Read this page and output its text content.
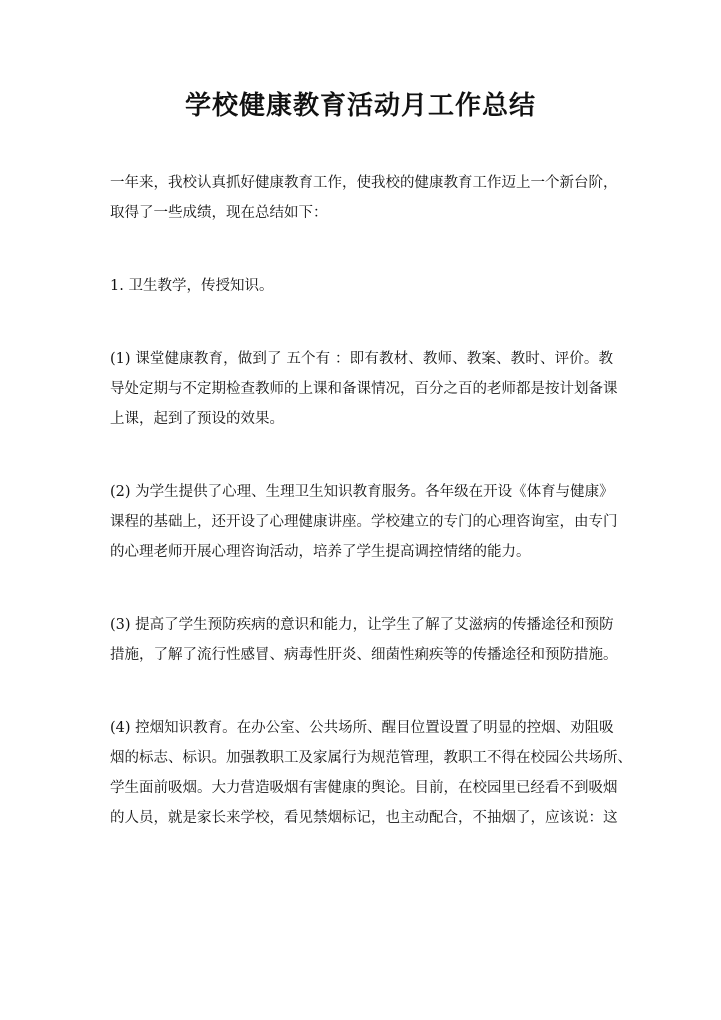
学校健康教育活动月工作总结

一年来，我校认真抓好健康教育工作，使我校的健康教育工作迈上一个新台阶，
取得了一些成绩，现在总结如下：

1. 卫生教学，传授知识。

(1) 课堂健康教育，做到了 五个有 ：即有教材、教师、教案、教时、评价。教
导处定期与不定期检查教师的上课和备课情况，百分之百的老师都是按计划备课
上课，起到了预设的效果。

(2) 为学生提供了心理、生理卫生知识教育服务。各年级在开设《体育与健康》
课程的基础上，还开设了心理健康讲座。学校建立的专门的心理咨询室，由专门
的心理老师开展心理咨询活动，培养了学生提高调控情绪的能力。

(3) 提高了学生预防疾病的意识和能力，让学生了解了艾滋病的传播途径和预防
措施，了解了流行性感冒、病毒性肝炎、细菌性痢疾等的传播途径和预防措施。

(4) 控烟知识教育。在办公室、公共场所、醒目位置设置了明显的控烟、劝阻吸
烟的标志、标识。加强教职工及家属行为规范管理，教职工不得在校园公共场所、
学生面前吸烟。大力营造吸烟有害健康的舆论。目前，在校园里已经看不到吸烟
的人员，就是家长来学校，看见禁烟标记，也主动配合，不抽烟了，应该说：这
